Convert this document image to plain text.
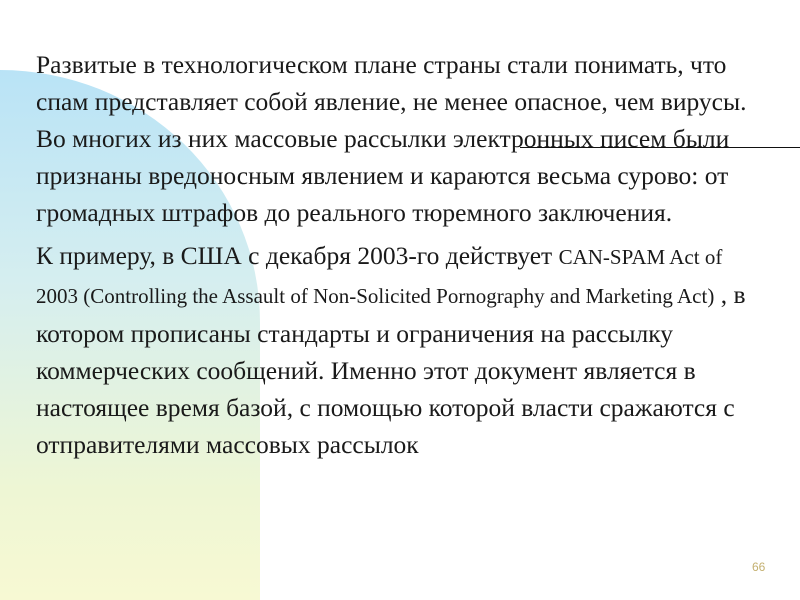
Развитые в технологическом плане страны стали понимать, что спам представляет собой явление, не менее опасное, чем вирусы. Во многих из них массовые рассылки электронных писем были признаны вредоносным явлением и караются весьма сурово: от громадных штрафов до реального тюремного заключения.

К примеру, в США с декабря 2003-го действует CAN-SPAM Act of 2003 (Controlling the Assault of Non-Solicited Pornography and Marketing Act) , в котором прописаны стандарты и ограничения на рассылку коммерческих сообщений. Именно этот документ является в настоящее время базой, с помощью которой власти сражаются с отправителями массовых рассылок

66
